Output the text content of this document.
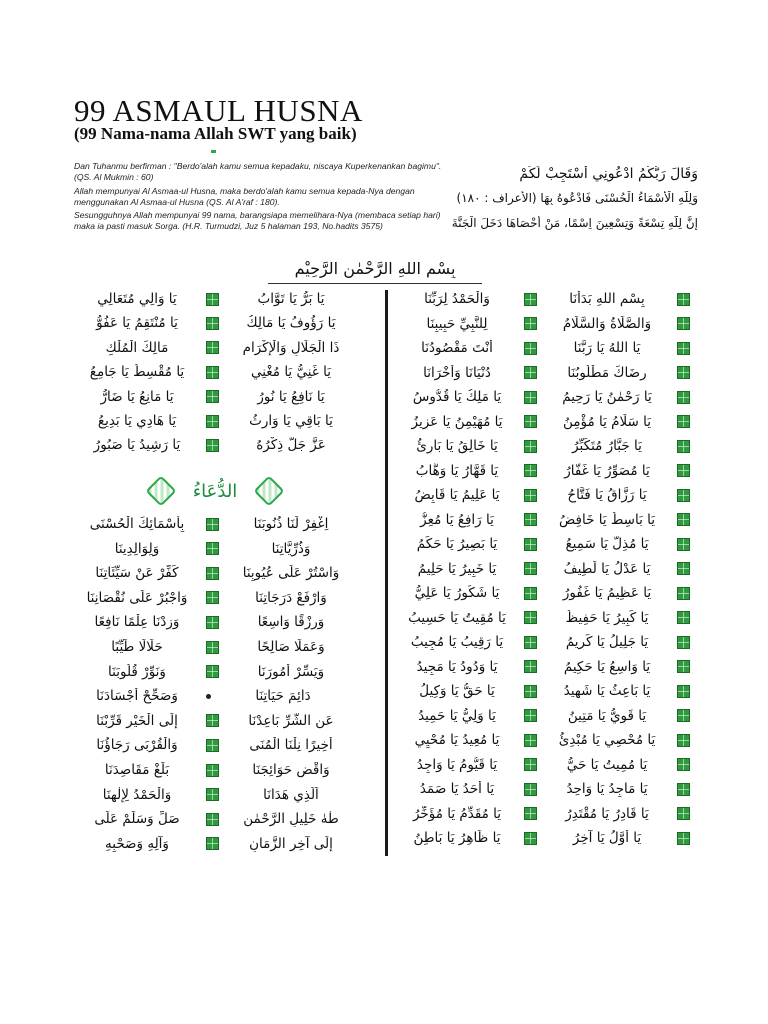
99 ASMAUL HUSNA
(99 Nama-nama Allah SWT yang baik)
Dan Tuhanmu berfirman : "Berdo'alah kamu semua kepadaku, niscaya Kuperkenankan bagimu". (QS. Al Mukmin : 60)
Allah mempunyai Al Asmaa-ul Husna, maka berdo'alah kamu semua kepada-Nya dengan menggunakan Al Asmaa-ul Husna (QS. Al A'raf : 180).
Sesungguhnya Allah mempunyai 99 nama, barangsiapa memelihara-Nya (membaca setiap hari) maka ia pasti masuk Sorga. (H.R. Turmudzi, Juz 5 halaman 193, No.hadits 3575)
وَقَالَ رَبُّكُمُ ادْعُونِي أَسْتَجِبْ لَكُمْ
وَلِلَّهِ الْأَسْمَاءُ الْحُسْنَى فَادْعُوهُ بِهَا (الأعراف : ١٨٠)
إِنَّ لِلَّهِ تِسْعَةً وَتِسْعِينَ اِسْمًا، مَنْ أَحْصَاهَا دَخَلَ الْجَنَّةَ
بِسْمِ اللهِ الرَّحْمٰنِ الرَّحِيْمِ
الدُّعَاءُ
يَا وَالِي مُتَعَالِي	يَا بَرُّ يَا تَوَّابُ
يَا مُنْتَقِمُ يَا عَفُوُّ	يَا رَؤُوفُ يَا مَالِكُ
مَالِكَ الْمُلْكِ	ذَا الْجَلَالِ وَالْإِكْرَامِ
يَا مُقْسِطُ يَا جَامِعُ	يَا غَنِيُّ يَا مُغْنِي
يَا مَانِعُ يَا ضَارُّ	يَا نَافِعُ يَا نُورُ
يَا هَادِي يَا بَدِيعُ	يَا بَاقِي يَا وَارِثُ
يَا رَشِيدُ يَا صَبُورُ	عَزَّ جَلَّ ذِكْرُهُ
بِأَسْمَائِكَ الْحُسْنَى	اِغْفِرْ لَنَا ذُنُوبَنَا
وَلِوَالِدِينَا	وَذُرِّيَّاتِنَا
كَفِّرْ عَنْ سَيِّئَاتِنَا	وَاسْتُرْ عَلَى عُيُوبِنَا
وَاجْبُرْ عَلَى نُقْصَانِنَا	وَارْفَعْ دَرَجَاتِنَا
وَزِدْنَا عِلْمًا نَافِعًا	وَرِزْقًا وَاسِعًا
حَلَالًا طَيِّبًا	وَعَمَلًا صَالِحًا
وَنَوِّرْ قُلُوبَنَا	وَيَسِّرْ أُمُورَنَا
وَصَحِّحْ أَجْسَادَنَا	دَائِمَ حَيَاتِنَا
إِلَى الْخَيْرِ قَرِّبْنَا	عَنِ الشَّرِّ بَاعِدْنَا
وَالْقُرْبَى رَجَاؤُنَا	أَخِيرًا نِلْنَا الْمُنَى
بَلِّغْ مَقَاصِدَنَا	وَاقْضِ حَوَائِجَنَا
وَالْحَمْدُ لِإِلٰهِنَا	اَلَّذِي هَدَانَا
صَلِّ وَسَلِّمْ عَلَى	طٰهٰ خَلِيلِ الرَّحْمٰنِ
وَآلِهِ وَصَحْبِهِ	إِلَى آخِرِ الزَّمَانِ
وَالْحَمْدُ لِرَبِّنَا	بِسْمِ اللهِ بَدَأْنَا
لِلنَّبِيِّ حَبِيبِنَا	وَالصَّلَاةُ وَالسَّلَامُ
أَنْتَ مَقْصُودُنَا	يَا اللهُ يَا رَبَّنَا
دُنْيَانَا وَأُخْرَانَا	رِضَاكَ مَطْلُوبُنَا
يَا مَلِكُ يَا قُدُّوسُ	يَا رَحْمٰنُ يَا رَحِيمُ
يَا مُهَيْمِنُ يَا عَزِيزُ	يَا سَلَامُ يَا مُؤْمِنُ
يَا خَالِقُ يَا بَارِئُ	يَا جَبَّارُ مُتَكَبِّرُ
يَا قَهَّارُ يَا وَهَّابُ	يَا مُصَوِّرُ يَا غَفَّارُ
يَا عَلِيمُ يَا قَابِضُ	يَا رَزَّاقُ يَا فَتَّاحُ
يَا رَافِعُ يَا مُعِزُّ	يَا بَاسِطُ يَا خَافِضُ
يَا بَصِيرُ يَا حَكَمُ	يَا مُذِلُّ يَا سَمِيعُ
يَا خَبِيرُ يَا حَلِيمُ	يَا عَدْلُ يَا لَطِيفُ
يَا شَكُورُ يَا عَلِيُّ	يَا عَظِيمُ يَا غَفُورُ
يَا مُقِيتُ يَا حَسِيبُ	يَا كَبِيرُ يَا حَفِيظُ
يَا رَقِيبُ يَا مُجِيبُ	يَا جَلِيلُ يَا كَرِيمُ
يَا وَدُودُ يَا مَجِيدُ	يَا وَاسِعُ يَا حَكِيمُ
يَا حَقُّ يَا وَكِيلُ	يَا بَاعِثُ يَا شَهِيدُ
يَا وَلِيُّ يَا حَمِيدُ	يَا قَوِيُّ يَا مَتِينُ
يَا مُعِيدُ يَا مُحْيِي	يَا مُحْصِي يَا مُبْدِئُ
يَا قَيُّومُ يَا وَاجِدُ	يَا مُمِيتُ يَا حَيُّ
يَا أَحَدُ يَا صَمَدُ	يَا مَاجِدُ يَا وَاحِدُ
يَا مُقَدِّمُ يَا مُؤَخِّرُ	يَا قَادِرُ يَا مُقْتَدِرُ
يَا ظَاهِرُ يَا بَاطِنُ	يَا أَوَّلُ يَا آخِرُ
